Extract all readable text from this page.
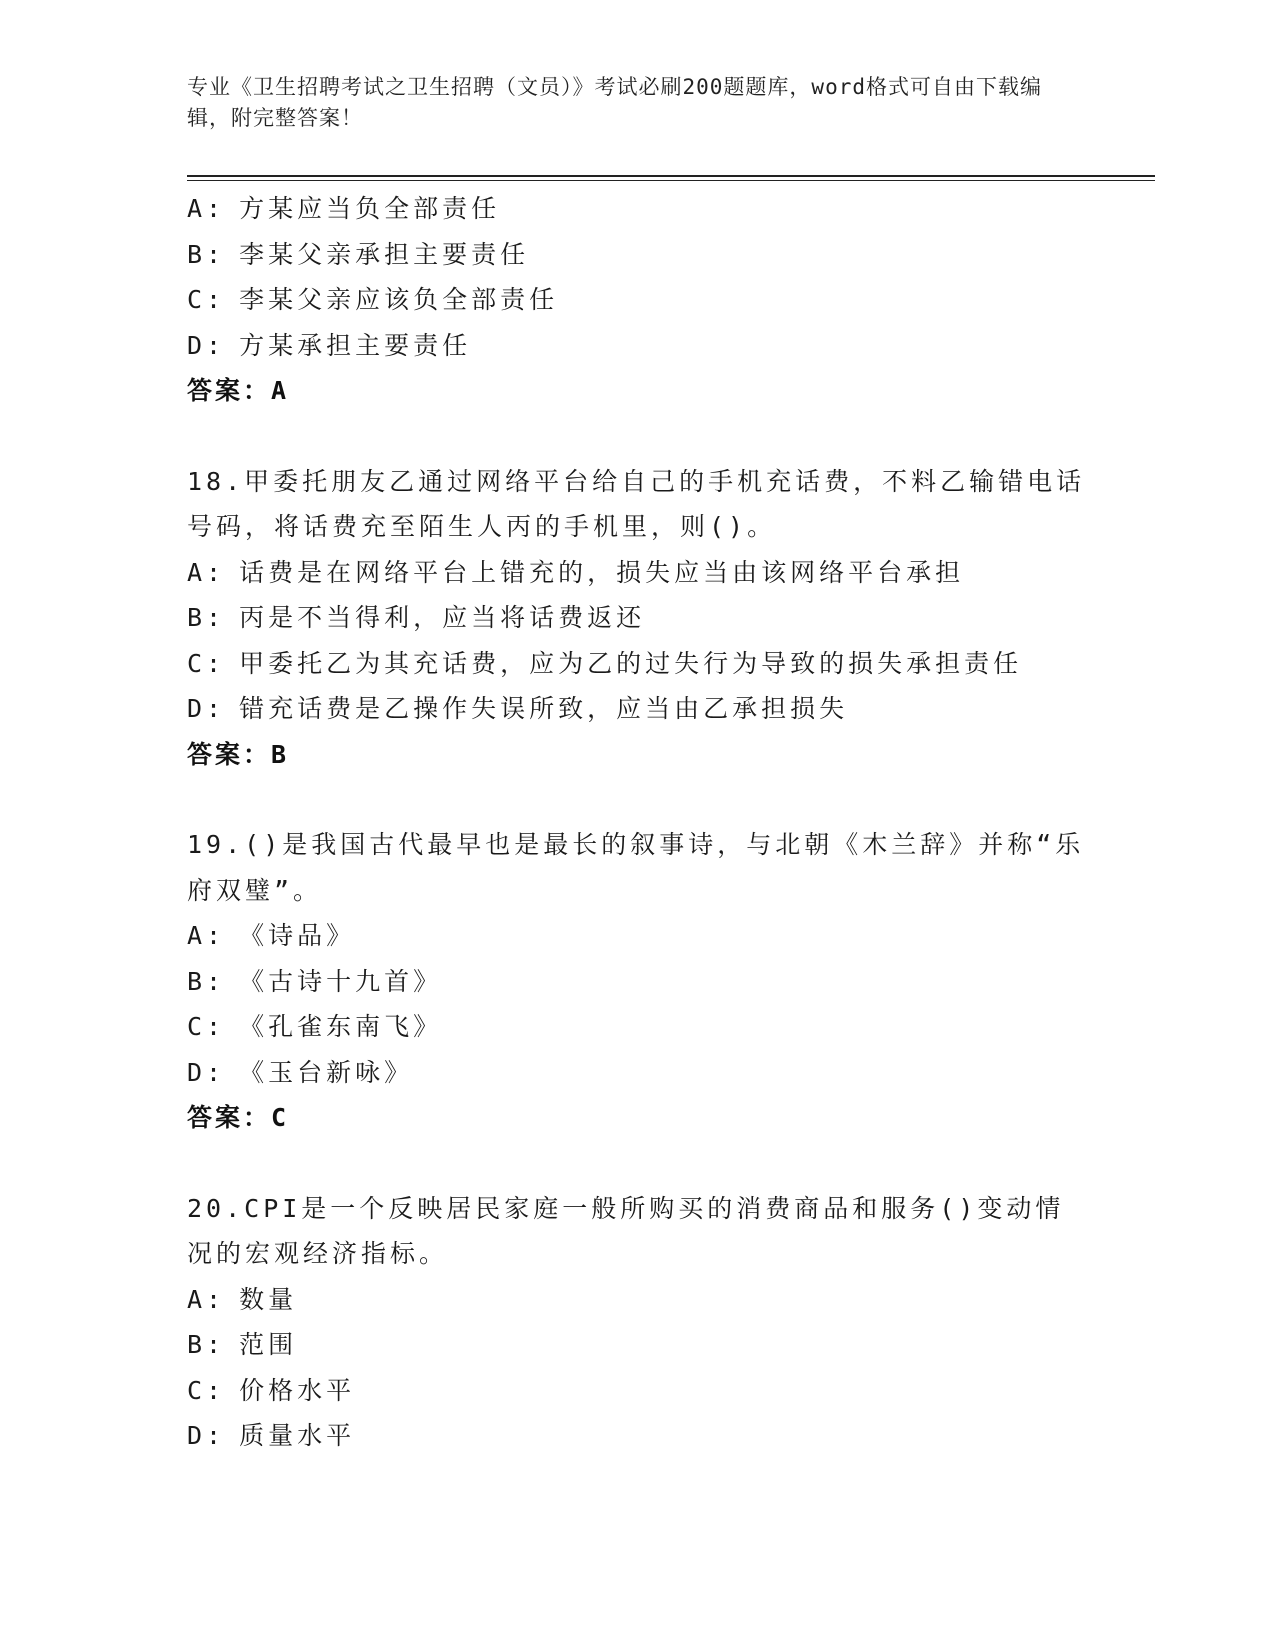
专业《卫生招聘考试之卫生招聘（文员）》考试必刷200题题库，word格式可自由下载编辑，附完整答案！
A: 方某应当负全部责任
B: 李某父亲承担主要责任
C: 李某父亲应该负全部责任
D: 方某承担主要责任
答案：A
18.甲委托朋友乙通过网络平台给自己的手机充话费，不料乙输错电话号码，将话费充至陌生人丙的手机里，则()。
A: 话费是在网络平台上错充的，损失应当由该网络平台承担
B: 丙是不当得利，应当将话费返还
C: 甲委托乙为其充话费，应为乙的过失行为导致的损失承担责任
D: 错充话费是乙操作失误所致，应当由乙承担损失
答案：B
19.()是我国古代最早也是最长的叙事诗，与北朝《木兰辞》并称“乐府双璧”。
A: 《诗品》
B: 《古诗十九首》
C: 《孔雀东南飞》
D: 《玉台新咏》
答案：C
20.CPI是一个反映居民家庭一般所购买的消费商品和服务()变动情况的宏观经济指标。
A: 数量
B: 范围
C: 价格水平
D: 质量水平
